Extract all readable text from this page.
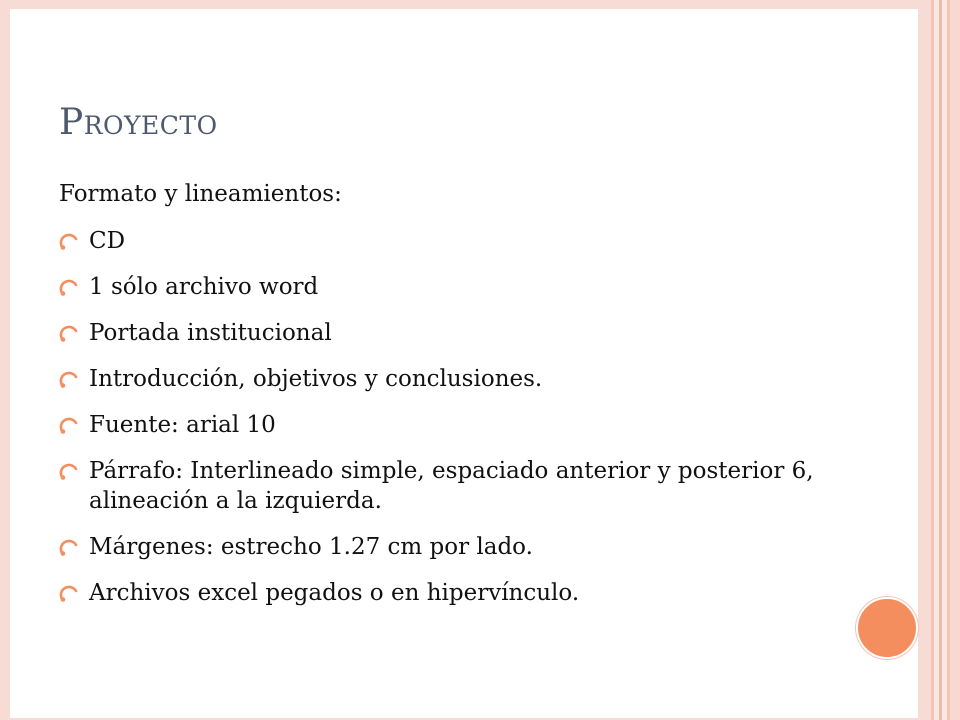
Proyecto

Formato y lineamientos:

CD
1 sólo archivo word
Portada institucional
Introducción, objetivos y conclusiones.
Fuente: arial 10
Párrafo: Interlineado simple, espaciado anterior y posterior 6, alineación a la izquierda.
Márgenes: estrecho 1.27 cm por lado.
Archivos excel pegados o en hipervínculo.
